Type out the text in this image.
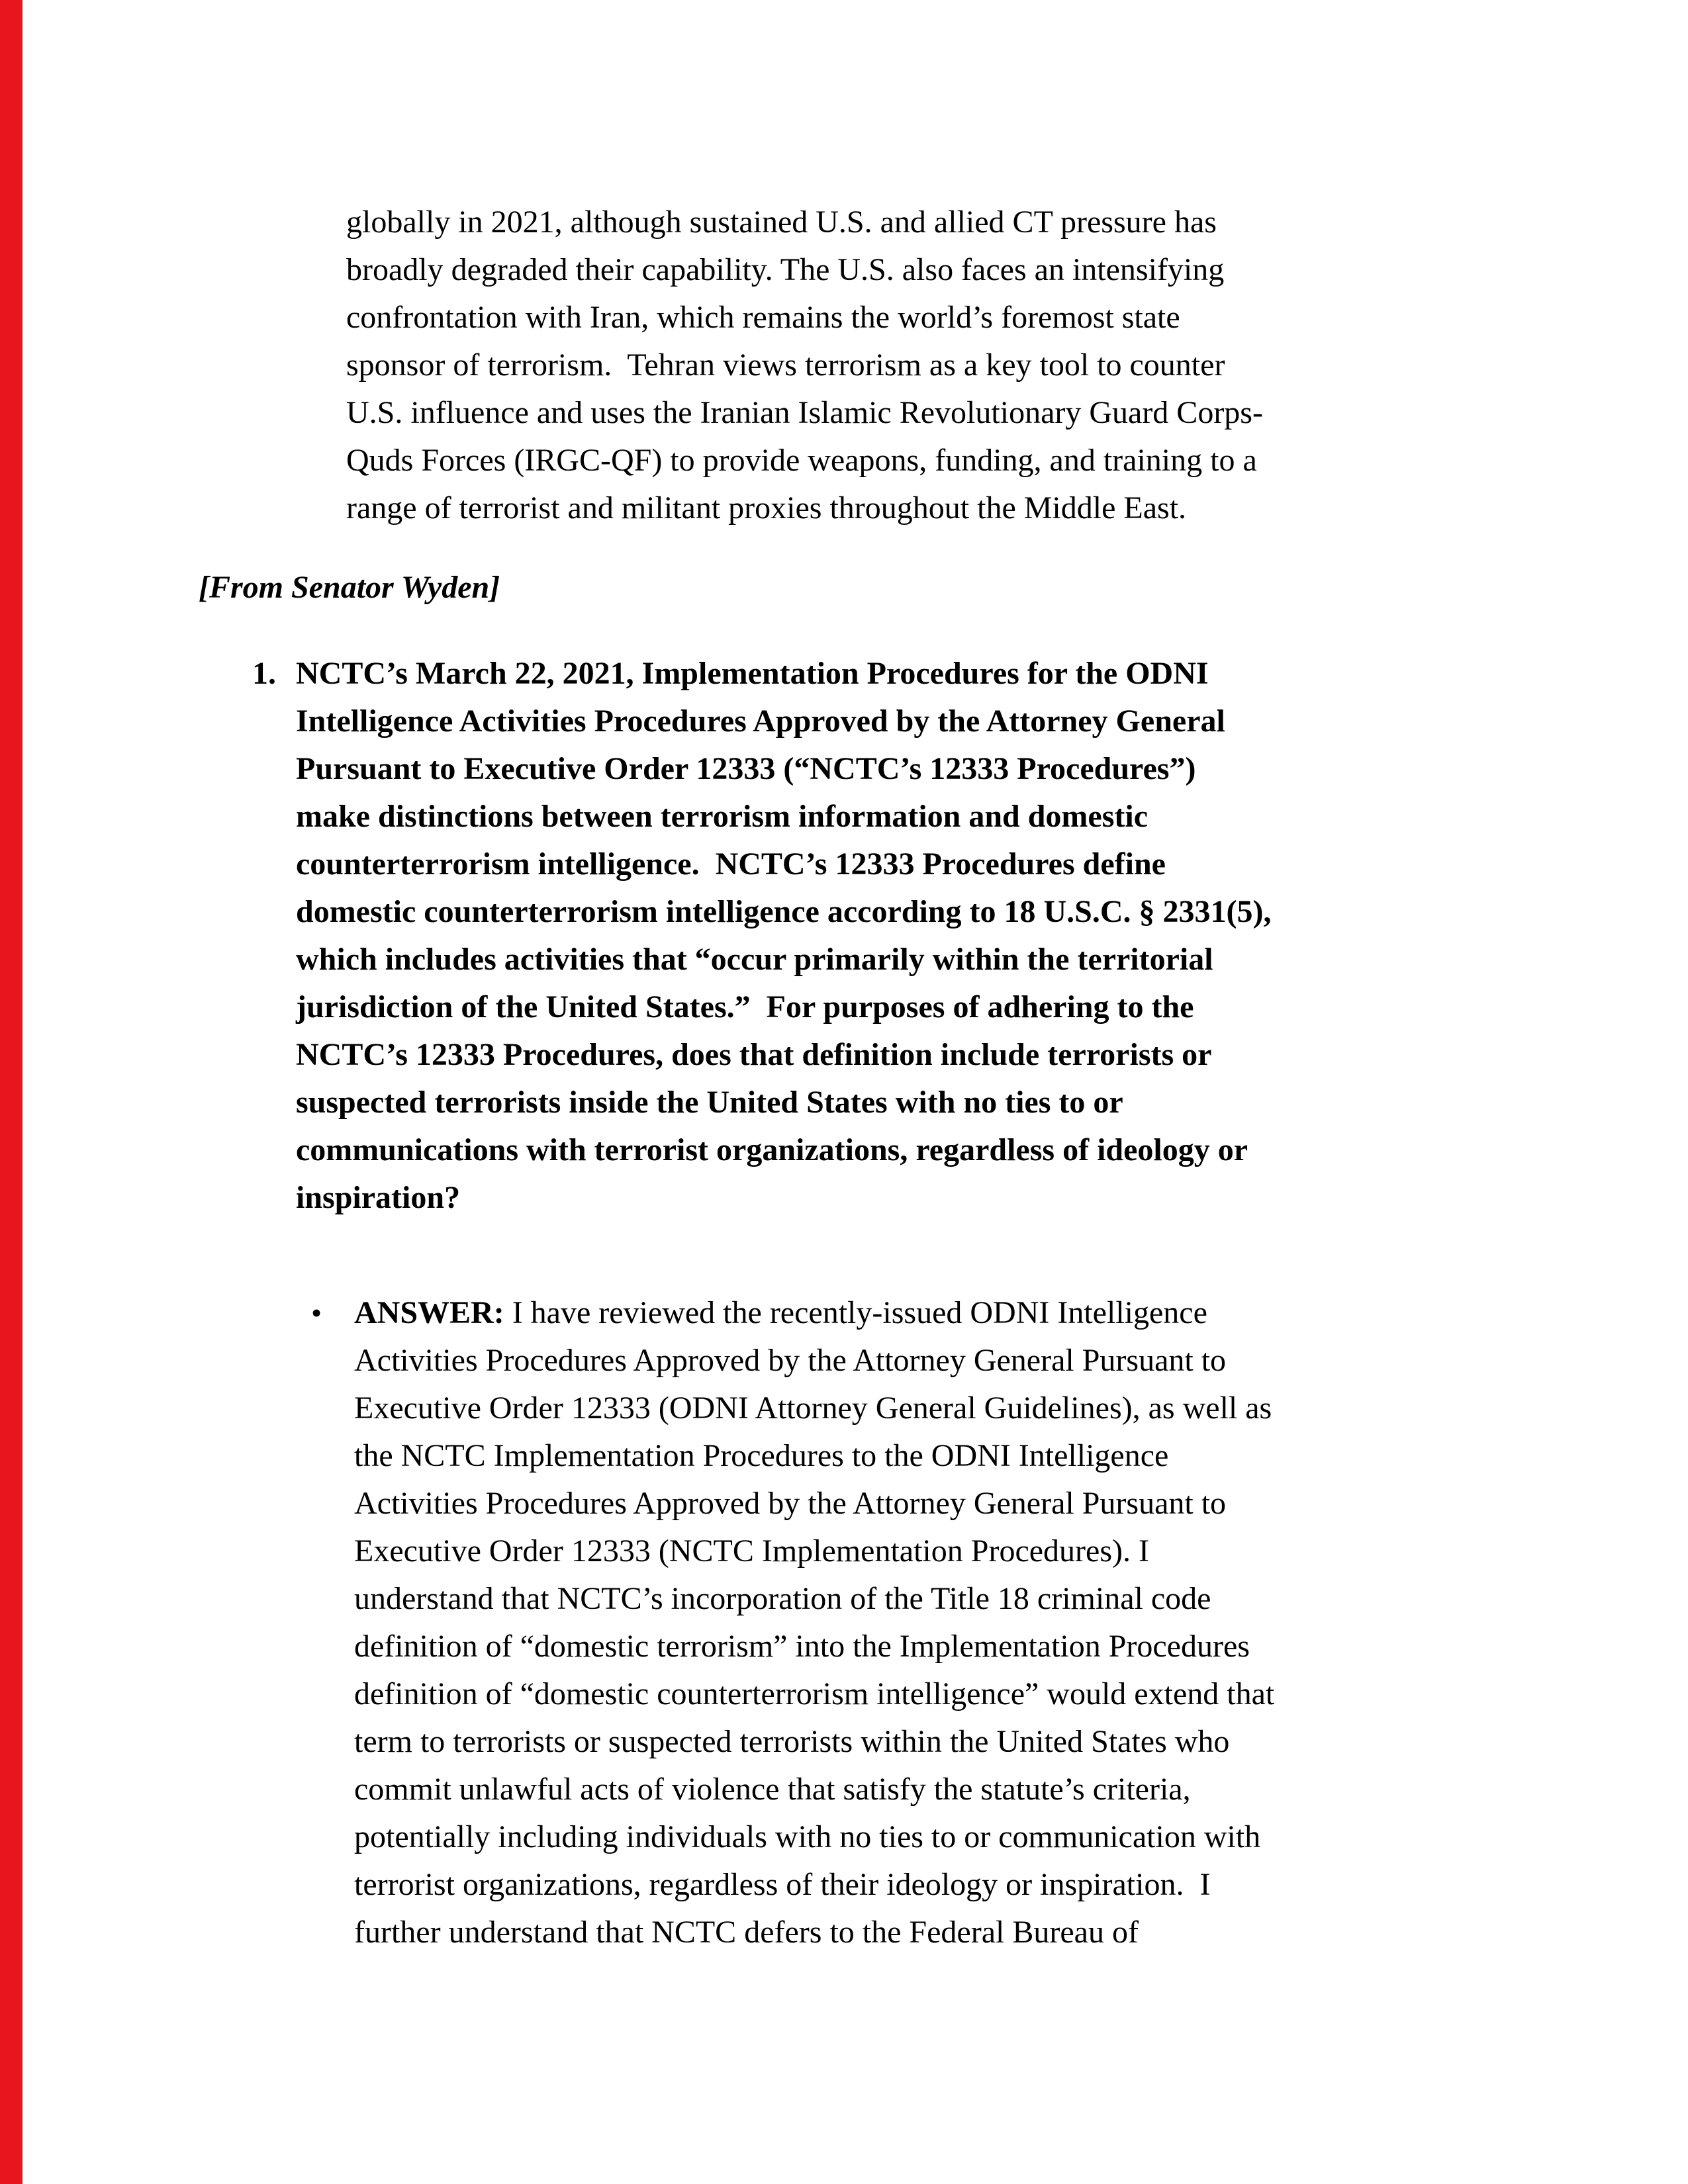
globally in 2021, although sustained U.S. and allied CT pressure has
broadly degraded their capability. The U.S. also faces an intensifying
confrontation with Iran, which remains the world’s foremost state
sponsor of terrorism.  Tehran views terrorism as a key tool to counter
U.S. influence and uses the Iranian Islamic Revolutionary Guard Corps-
Quds Forces (IRGC-QF) to provide weapons, funding, and training to a
range of terrorist and militant proxies throughout the Middle East.
[From Senator Wyden]
1. NCTC’s March 22, 2021, Implementation Procedures for the ODNI
Intelligence Activities Procedures Approved by the Attorney General
Pursuant to Executive Order 12333 (“NCTC’s 12333 Procedures”)
make distinctions between terrorism information and domestic
counterterrorism intelligence.  NCTC’s 12333 Procedures define
domestic counterterrorism intelligence according to 18 U.S.C. § 2331(5),
which includes activities that “occur primarily within the territorial
jurisdiction of the United States.”  For purposes of adhering to the
NCTC’s 12333 Procedures, does that definition include terrorists or
suspected terrorists inside the United States with no ties to or
communications with terrorist organizations, regardless of ideology or
inspiration?
• ANSWER: I have reviewed the recently-issued ODNI Intelligence
Activities Procedures Approved by the Attorney General Pursuant to
Executive Order 12333 (ODNI Attorney General Guidelines), as well as
the NCTC Implementation Procedures to the ODNI Intelligence
Activities Procedures Approved by the Attorney General Pursuant to
Executive Order 12333 (NCTC Implementation Procedures). I
understand that NCTC’s incorporation of the Title 18 criminal code
definition of “domestic terrorism” into the Implementation Procedures
definition of “domestic counterterrorism intelligence” would extend that
term to terrorists or suspected terrorists within the United States who
commit unlawful acts of violence that satisfy the statute’s criteria,
potentially including individuals with no ties to or communication with
terrorist organizations, regardless of their ideology or inspiration.  I
further understand that NCTC defers to the Federal Bureau of
